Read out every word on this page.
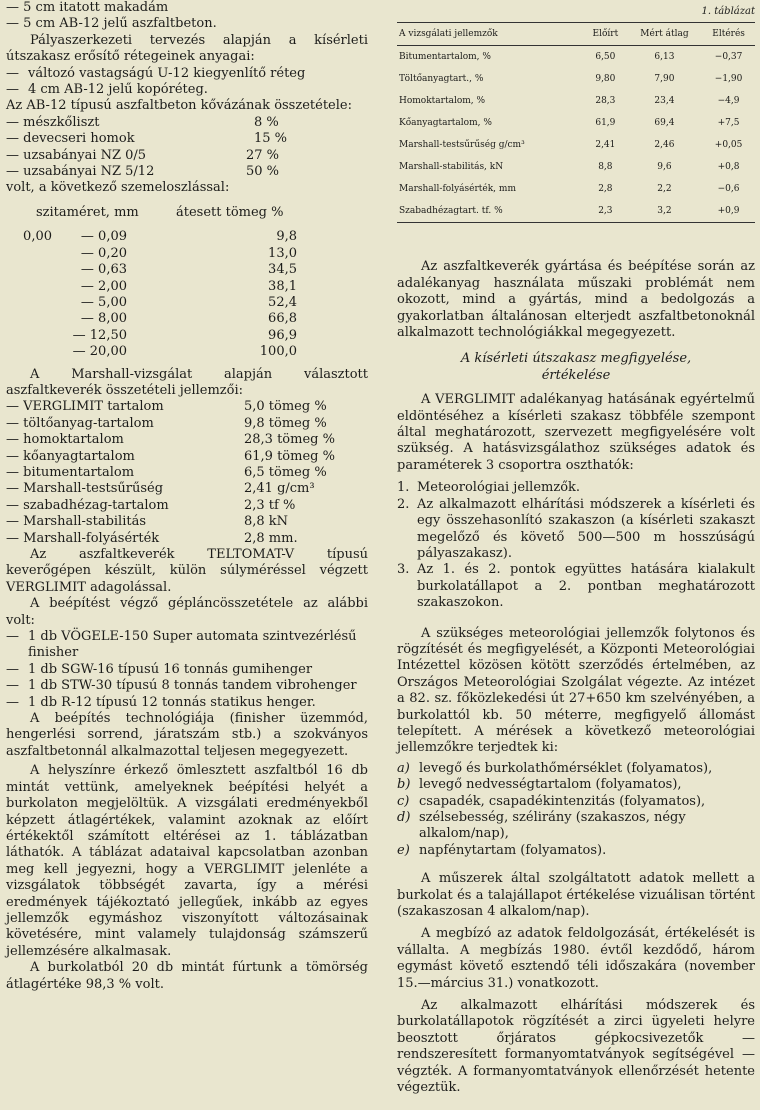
— 5 cm itatott makadám

— 5 cm AB-12 jelű aszfaltbeton.

Pályaszerkezeti tervezés alapján a kísérleti útszakasz erősítő rétegeinek anyagai:

— változó vastagságú U-12 kiegyenlítő réteg
— 4 cm AB-12 jelű kopóréteg.

Az AB-12 típusú aszfaltbeton kővázának összetétele:

— mészkőliszt	8 %
— devecseri homok	15 %
— uzsabányai NZ 0/5	27 %
— uzsabányai NZ 5/12	50 %

volt, a következő szemeloszlással:

szitaméret, mm	átesett tömeg %
0,00	— 0,09	9,8
— 0,20	13,0
— 0,63	34,5
— 2,00	38,1
— 5,00	52,4
— 8,00	66,8
— 12,50	96,9
— 20,00	100,0

A Marshall-vizsgálat alapján választott aszfaltkeverék összetételi jellemzői:

— VERGLIMIT tartalom	5,0 tömeg %
— töltőanyag-tartalom	9,8 tömeg %
— homoktartalom	28,3 tömeg %
— kőanyagtartalom	61,9 tömeg %
— bitumentartalom	6,5 tömeg %
— Marshall-testsűrűség	2,41 g/cm³
— szabadhézag-tartalom	2,3 tf %
— Marshall-stabilitás	8,8 kN
— Marshall-folyásérték	2,8 mm.

Az aszfaltkeverék TELTOMAT-V típusú keverőgépen készült, külön súlyméréssel végzett VERGLIMIT adagolással.

A beépítést végző gépláncösszetétele az alábbi volt:

— 1 db VÖGELE-150 Super automata szintvezérlésű finisher
— 1 db SGW-16 típusú 16 tonnás gumihenger
— 1 db STW-30 típusú 8 tonnás tandem vibrohenger
— 1 db R-12 típusú 12 tonnás statikus henger.

A beépítés technológiája (finisher üzemmód, hengerlési sorrend, járatszám stb.) a szokványos aszfaltbetonnál alkalmazottal teljesen megegyezett.

A helyszínre érkező ömlesztett aszfaltból 16 db mintát vettünk, amelyeknek beépítési helyét a burkolaton megjelöltük. A vizsgálati eredményekből képzett átlagértékek, valamint azoknak az előírt értékektől számított eltérései az 1. táblázatban láthatók. A táblázat adataival kapcsolatban azonban meg kell jegyezni, hogy a VERGLIMIT jelenléte a vizsgálatok többségét zavarta, így a mérési eredmények tájékoztató jellegűek, inkább az egyes jellemzők egymáshoz viszonyított változásainak követésére, mint valamely tulajdonság számszerű jellemzésére alkalmasak.

A burkolatból 20 db mintát fúrtunk a tömörség átlagértéke 98,3 % volt.

1. táblázat
A vizsgálati jellemzők	Előírt	Mért átlag	Eltérés
Bitumentartalom, %	6,50	6,13	−0,37
Töltőanyagtart., %	9,80	7,90	−1,90
Homoktartalom, %	28,3	23,4	−4,9
Kőanyagtartalom, %	61,9	69,4	+7,5
Marshall-testsűrűség g/cm³	2,41	2,46	+0,05
Marshall-stabilitás, kN	8,8	9,6	+0,8
Marshall-folyásérték, mm	2,8	2,2	−0,6
Szabadhézagtart. tf. %	2,3	3,2	+0,9

Az aszfaltkeverék gyártása és beépítése során az adalékanyag használata műszaki problémát nem okozott, mind a gyártás, mind a bedolgozás a gyakorlatban általánosan elterjedt aszfaltbetonoknál alkalmazott technológiákkal megegyezett.

A kísérleti útszakasz megfigyelése,
értékelése

A VERGLIMIT adalékanyag hatásának egyértelmű eldöntéséhez a kísérleti szakasz többféle szempont által meghatározott, szervezett megfigyelésére volt szükség. A hatásvizsgálathoz szükséges adatok és paraméterek 3 csoportra oszthatók:

1. Meteorológiai jellemzők.
2. Az alkalmazott elhárítási módszerek a kísérleti és egy összehasonlító szakaszon (a kísérleti szakaszt megelőző és követő 500—500 m hosszúságú pályaszakasz).
3. Az 1. és 2. pontok együttes hatására kialakult burkolatállapot a 2. pontban meghatározott szakaszokon.

A szükséges meteorológiai jellemzők folytonos és rögzítését és megfigyelését, a Központi Meteorológiai Intézettel közösen kötött szerződés értelmében, az Országos Meteorológiai Szolgálat végezte. Az intézet a 82. sz. főközlekedési út 27+650 km szelvényében, a burkolattól kb. 50 méterre, megfigyelő állomást telepített. A mérések a következő meteorológiai jellemzőkre terjedtek ki:

a) levegő és burkolathőmérséklet (folyamatos),
b) levegő nedvességtartalom (folyamatos),
c) csapadék, csapadékintenzitás (folyamatos),
d) szélsebesség, szélirány (szakaszos, négy alkalom/nap),
e) napfénytartam (folyamatos).

A műszerek által szolgáltatott adatok mellett a burkolat és a talajállapot értékelése vizuálisan történt (szakaszosan 4 alkalom/nap).

A megbízó az adatok feldolgozását, értékelését is vállalta. A megbízás 1980. évtől kezdődő, három egymást követő esztendő téli időszakára (november 15.—március 31.) vonatkozott.

Az alkalmazott elhárítási módszerek és burkolatállapotok rögzítését a zirci ügyeleti helyre beosztott őrjáratos gépkocsivezetők — rendszeresített formanyomtatványok segítségével — végzték. A formanyomtatványok ellenőrzését hetente végeztük.
